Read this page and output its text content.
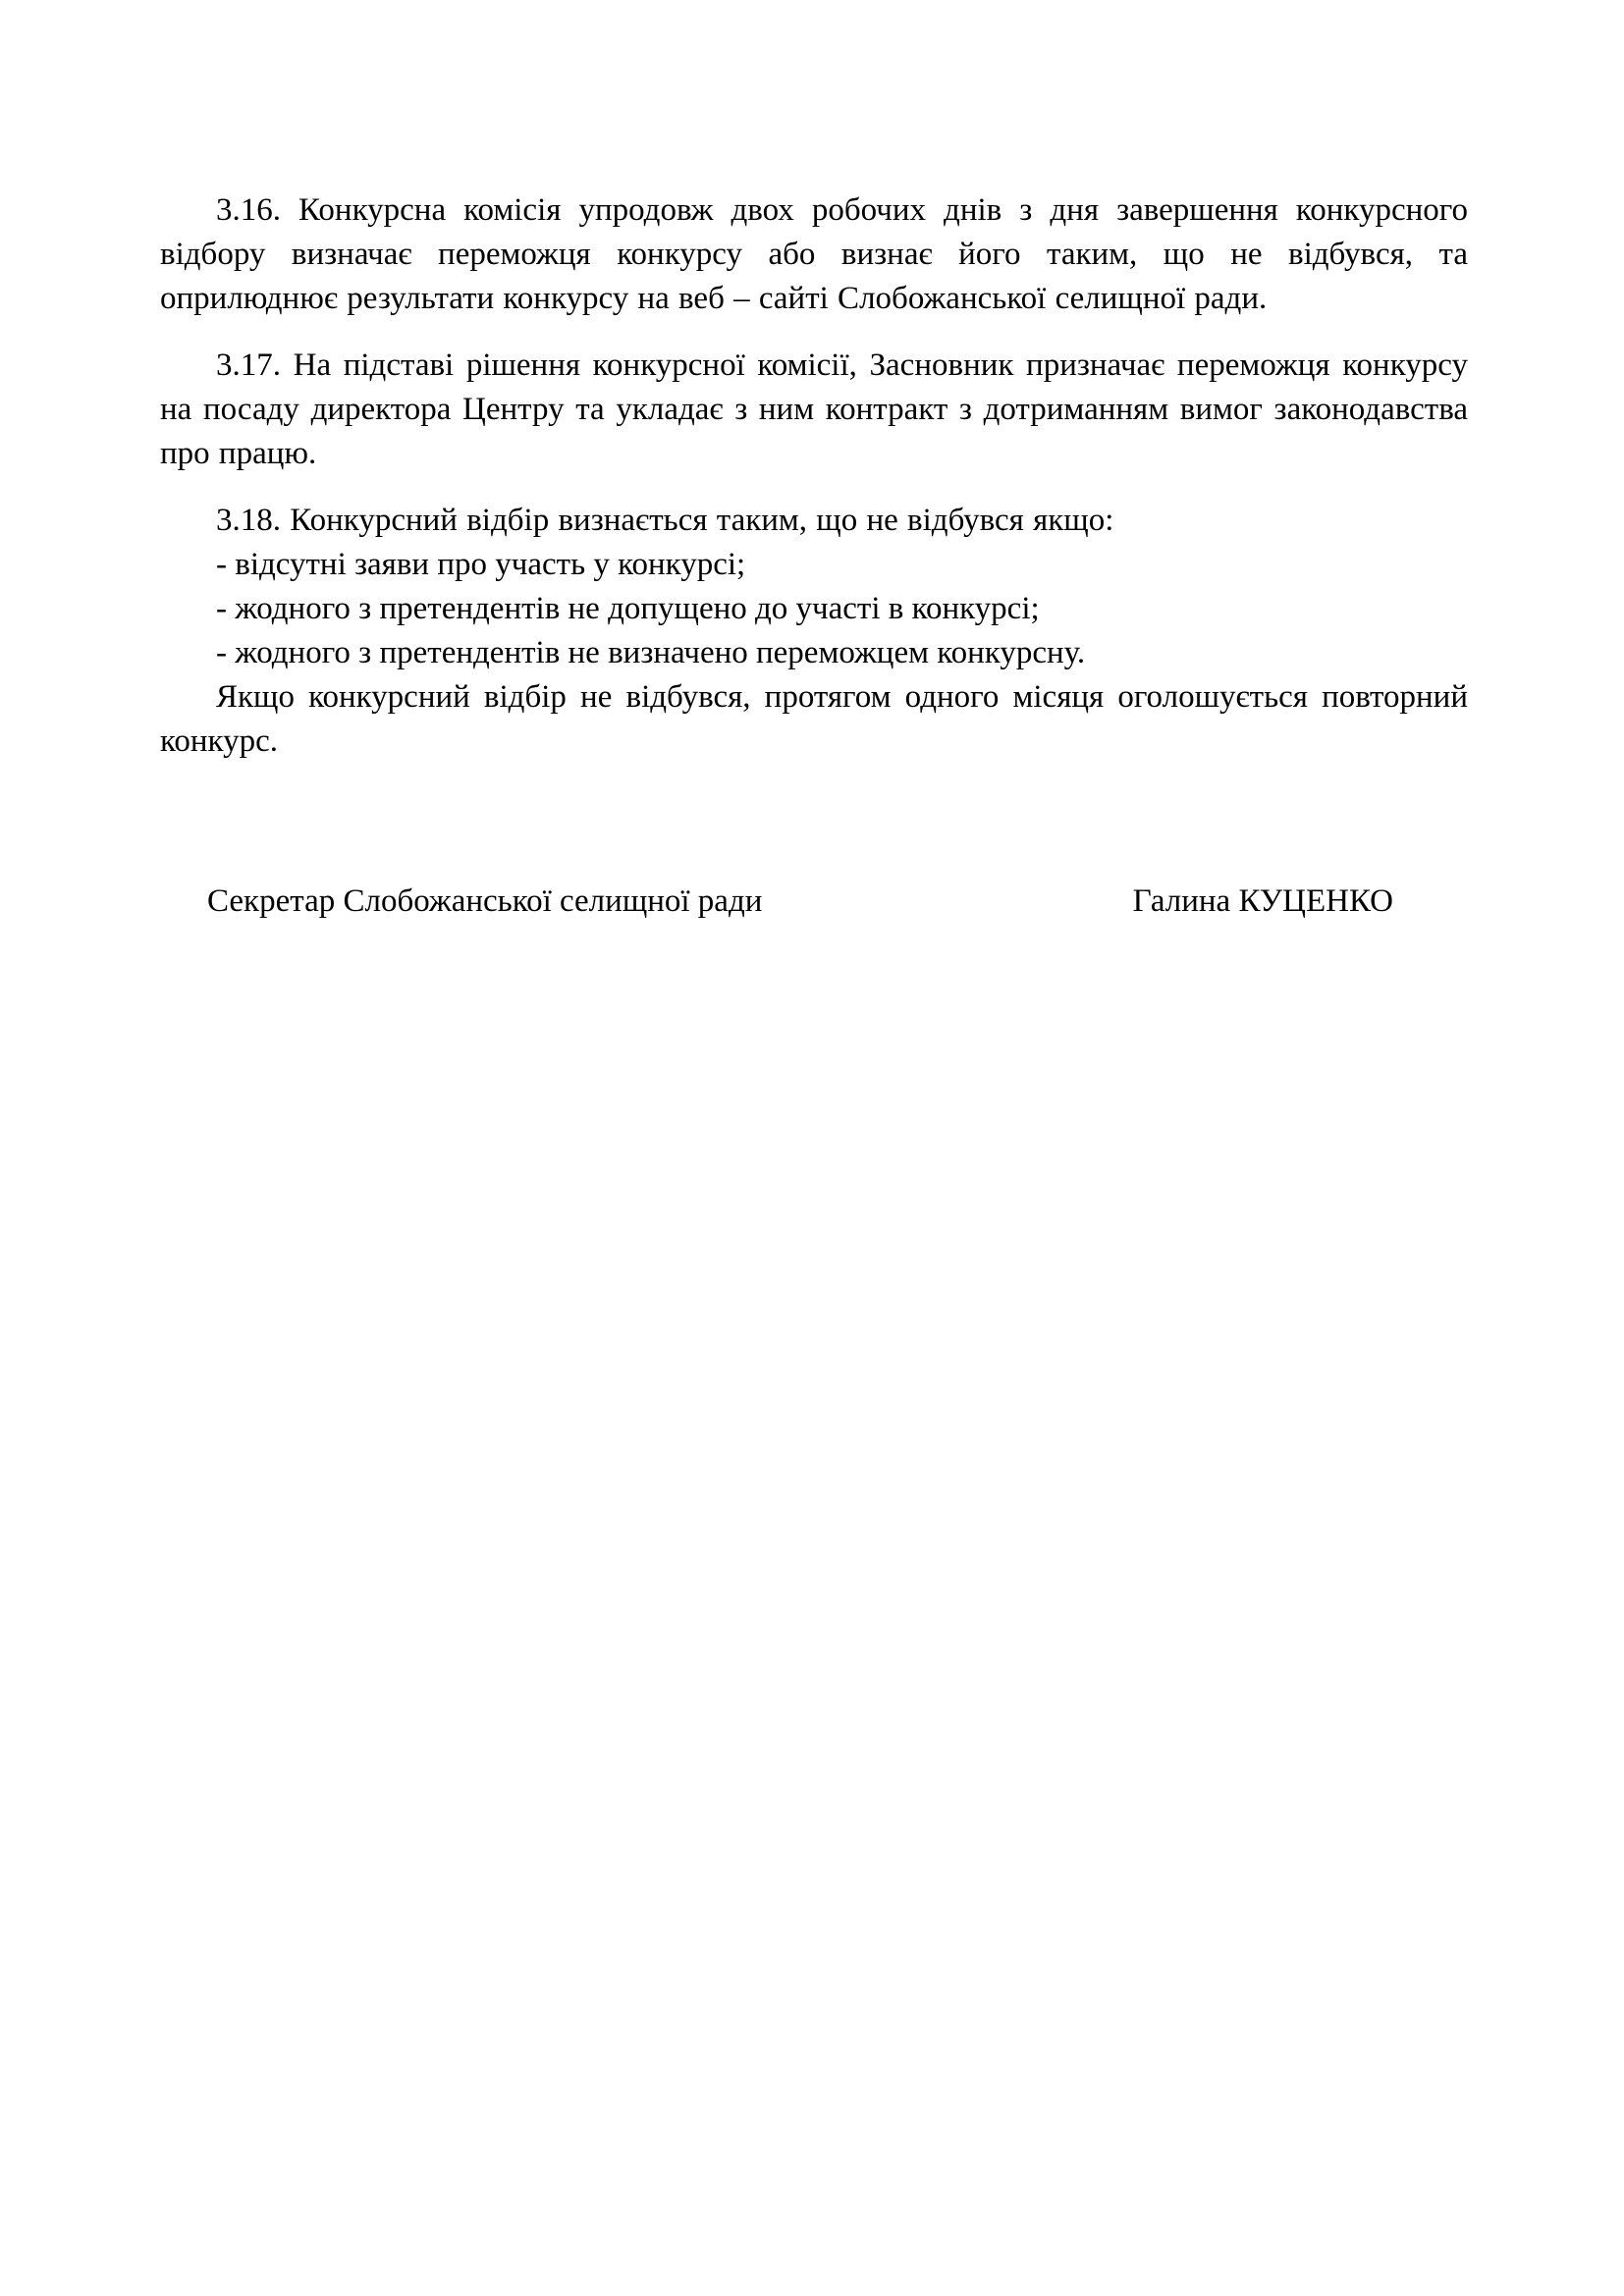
3.16. Конкурсна комісія упродовж двох робочих днів з дня завершення конкурсного відбору визначає переможця конкурсу або визнає його таким, що не відбувся, та оприлюднює результати конкурсу на веб – сайті Слобожанської селищної ради.

3.17. На підставі рішення конкурсної комісії, Засновник призначає переможця конкурсу на посаду директора Центру та укладає з ним контракт з дотриманням вимог законодавства про працю.

3.18. Конкурсний відбір визнається таким, що не відбувся якщо:

- відсутні заяви про участь у конкурсі;

- жодного з претендентів не допущено до участі в конкурсі;

- жодного з претендентів не визначено переможцем конкурсну.

Якщо конкурсний відбір не відбувся, протягом одного місяця оголошується повторний конкурс.

Секретар Слобожанської селищної ради	Галина КУЦЕНКО
